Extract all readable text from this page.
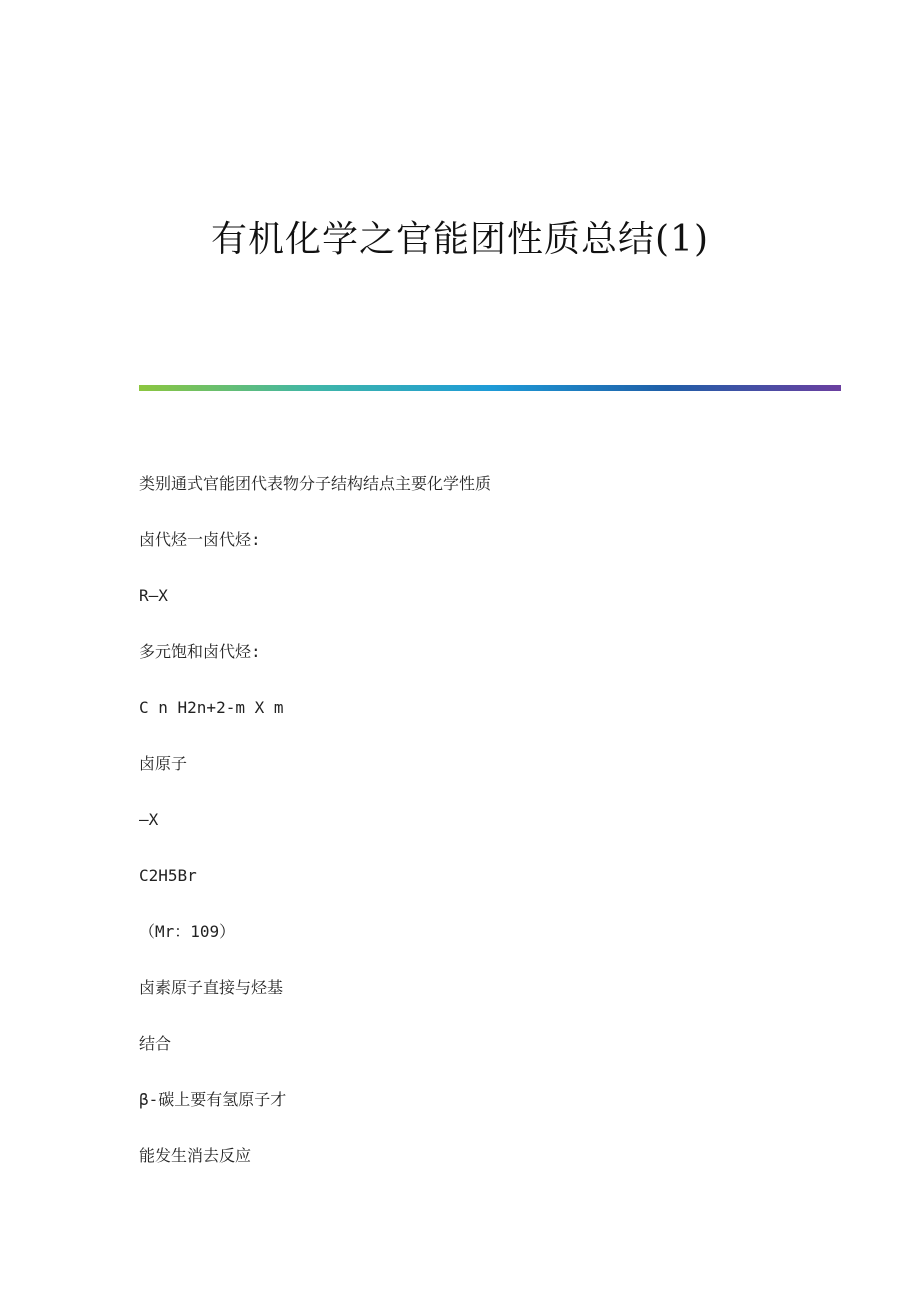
有机化学之官能团性质总结(1)
类别通式官能团代表物分子结构结点主要化学性质
卤代烃一卤代烃:
R—X
多元饱和卤代烃:
C n H2n+2-m X m
卤原子
—X
C2H5Br
（Mr：109）
卤素原子直接与烃基
结合
β-碳上要有氢原子才
能发生消去反应
